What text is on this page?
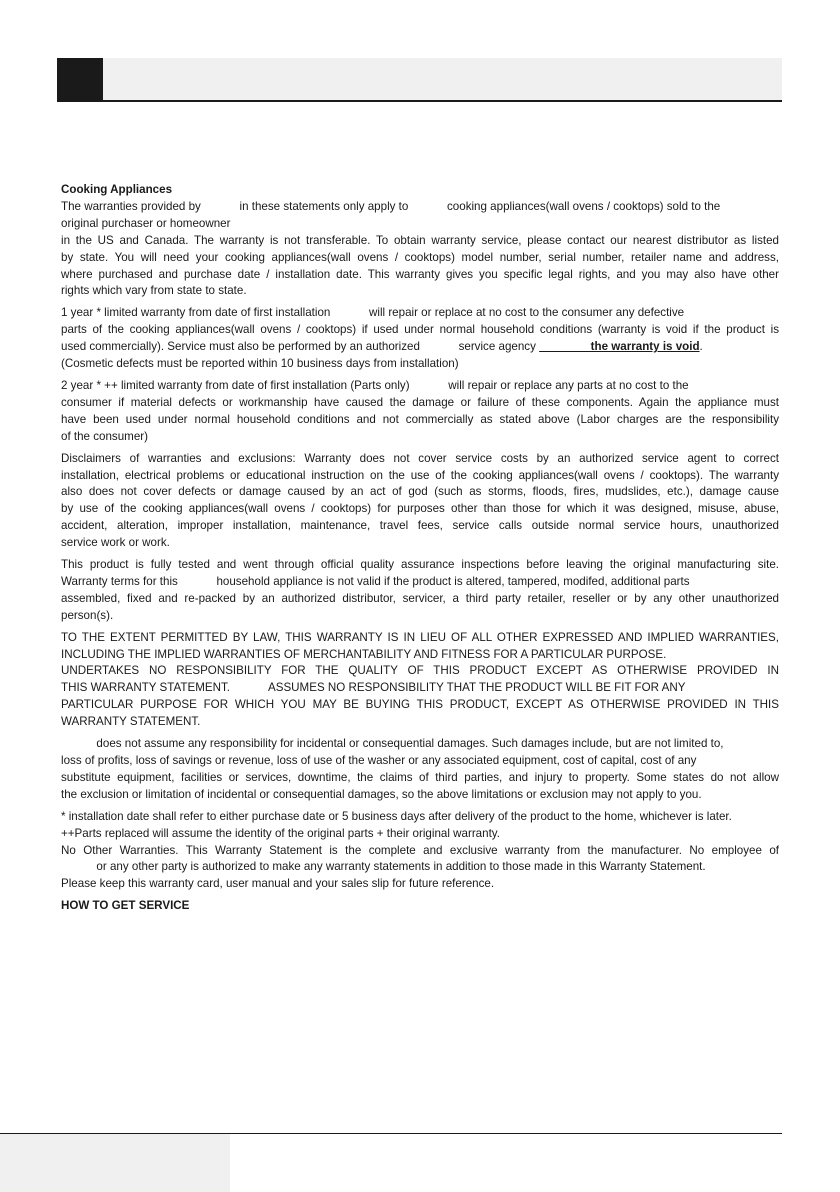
Cooking Appliances
The warranties provided by            in these statements only apply to            cooking appliances(wall ovens / cooktops) sold to the
original purchaser or homeowner
in the US and Canada. The warranty is not transferable. To obtain warranty service, please contact our nearest distributor as listed
by state. You will need your cooking appliances(wall ovens / cooktops) model number, serial number, retailer name and address,
where purchased and purchase date / installation date. This warranty gives you specific legal rights, and you may also have other
rights which vary from state to state.

1 year * limited warranty from date of first installation            will repair or replace at no cost to the consumer any defective
parts of the cooking appliances(wall ovens / cooktops) if used under normal household conditions (warranty is void if the product is
used commercially). Service must also be performed by an authorized            service agency                 the warranty is void.
(Cosmetic defects must be reported within 10 business days from installation)

2 year * ++ limited warranty from date of first installation (Parts only)            will repair or replace any parts at no cost to the
consumer if material defects or workmanship have caused the damage or failure of these components. Again the appliance must
have been used under normal household conditions and not commercially as stated above (Labor charges are the responsibility
of the consumer)

Disclaimers of warranties and exclusions: Warranty does not cover service costs by an authorized service agent to correct
installation, electrical problems or educational instruction on the use of the cooking appliances(wall ovens / cooktops). The warranty
also does not cover defects or damage caused by an act of god (such as storms, floods, fires, mudslides, etc.), damage cause
by use of the cooking appliances(wall ovens / cooktops) for purposes other than those for which it was designed, misuse, abuse,
accident, alteration, improper installation, maintenance, travel fees, service calls outside normal service hours, unauthorized
service work or work.

This product is fully tested and went through official quality assurance inspections before leaving the original manufacturing site.
Warranty terms for this            household appliance is not valid if the product is altered, tampered, modifed, additional parts
assembled, fixed and re-packed by an authorized distributor, servicer, a third party retailer, reseller or by any other unauthorized
person(s).

TO THE EXTENT PERMITTED BY LAW, THIS WARRANTY IS IN LIEU OF ALL OTHER EXPRESSED AND IMPLIED WARRANTIES,
INCLUDING THE IMPLIED WARRANTIES OF MERCHANTABILITY AND FITNESS FOR A PARTICULAR PURPOSE.
UNDERTAKES NO RESPONSIBILITY FOR THE QUALITY OF THIS PRODUCT EXCEPT AS OTHERWISE PROVIDED IN
THIS WARRANTY STATEMENT.            ASSUMES NO RESPONSIBILITY THAT THE PRODUCT WILL BE FIT FOR ANY
PARTICULAR PURPOSE FOR WHICH YOU MAY BE BUYING THIS PRODUCT, EXCEPT AS OTHERWISE PROVIDED IN THIS
WARRANTY STATEMENT.

does not assume any responsibility for incidental or consequential damages. Such damages include, but are not limited to,
loss of profits, loss of savings or revenue, loss of use of the washer or any associated equipment, cost of capital, cost of any
substitute equipment, facilities or services, downtime, the claims of third parties, and injury to property. Some states do not allow
the exclusion or limitation of incidental or consequential damages, so the above limitations or exclusion may not apply to you.

* installation date shall refer to either purchase date or 5 business days after delivery of the product to the home, whichever is later.
++Parts replaced will assume the identity of the original parts + their original warranty.
No Other Warranties. This Warranty Statement is the complete and exclusive warranty from the manufacturer. No employee of
or any other party is authorized to make any warranty statements in addition to those made in this Warranty Statement.
Please keep this warranty card, user manual and your sales slip for future reference.

HOW TO GET SERVICE
